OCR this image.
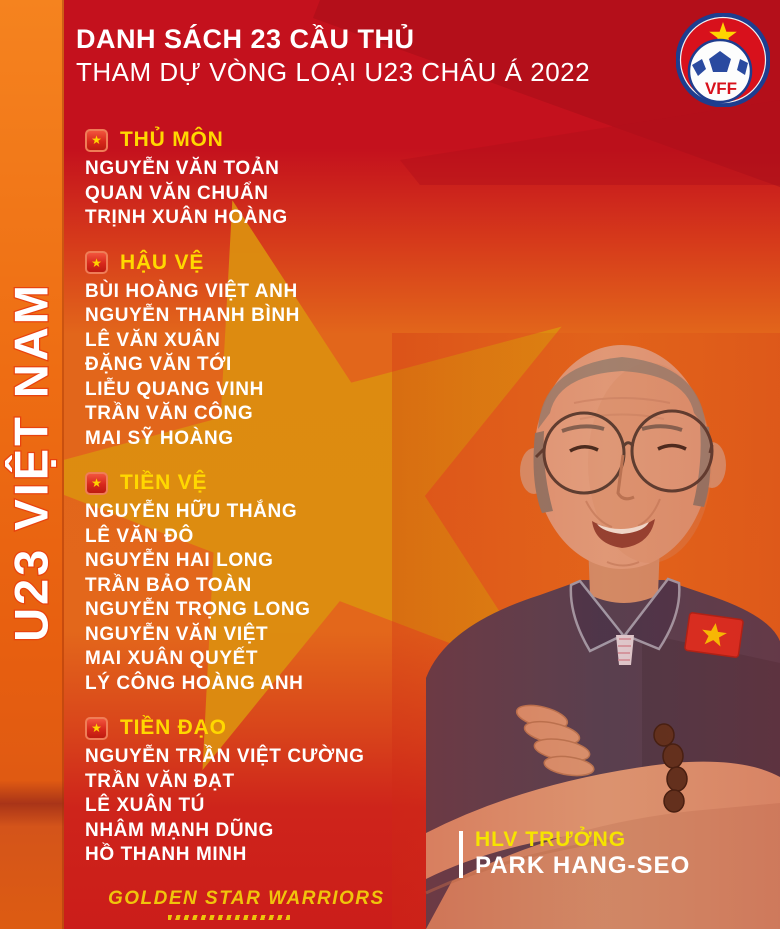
U23 VIỆT NAM
DANH SÁCH 23 CẦU THỦ
THAM DỰ VÒNG LOẠI U23 CHÂU Á 2022
VFF
★ THỦ MÔN
NGUYỄN VĂN TOẢN
QUAN VĂN CHUẨN
TRỊNH XUÂN HOÀNG
★ HẬU VỆ
BÙI HOÀNG VIỆT ANH
NGUYỄN THANH BÌNH
LÊ VĂN XUÂN
ĐẶNG VĂN TỚI
LIỄU QUANG VINH
TRẦN VĂN CÔNG
MAI SỸ HOÀNG
★ TIỀN VỆ
NGUYỄN HỮU THẮNG
LÊ VĂN ĐÔ
NGUYỄN HAI LONG
TRẦN BẢO TOÀN
NGUYỄN TRỌNG LONG
NGUYỄN VĂN VIỆT
MAI XUÂN QUYẾT
LÝ CÔNG HOÀNG ANH
★ TIỀN ĐẠO
NGUYỄN TRẦN VIỆT CƯỜNG
TRẦN VĂN ĐẠT
LÊ XUÂN TÚ
NHÂM MẠNH DŨNG
HỒ THANH MINH
HLV TRƯỞNG
PARK HANG-SEO
GOLDEN STAR WARRIORS
